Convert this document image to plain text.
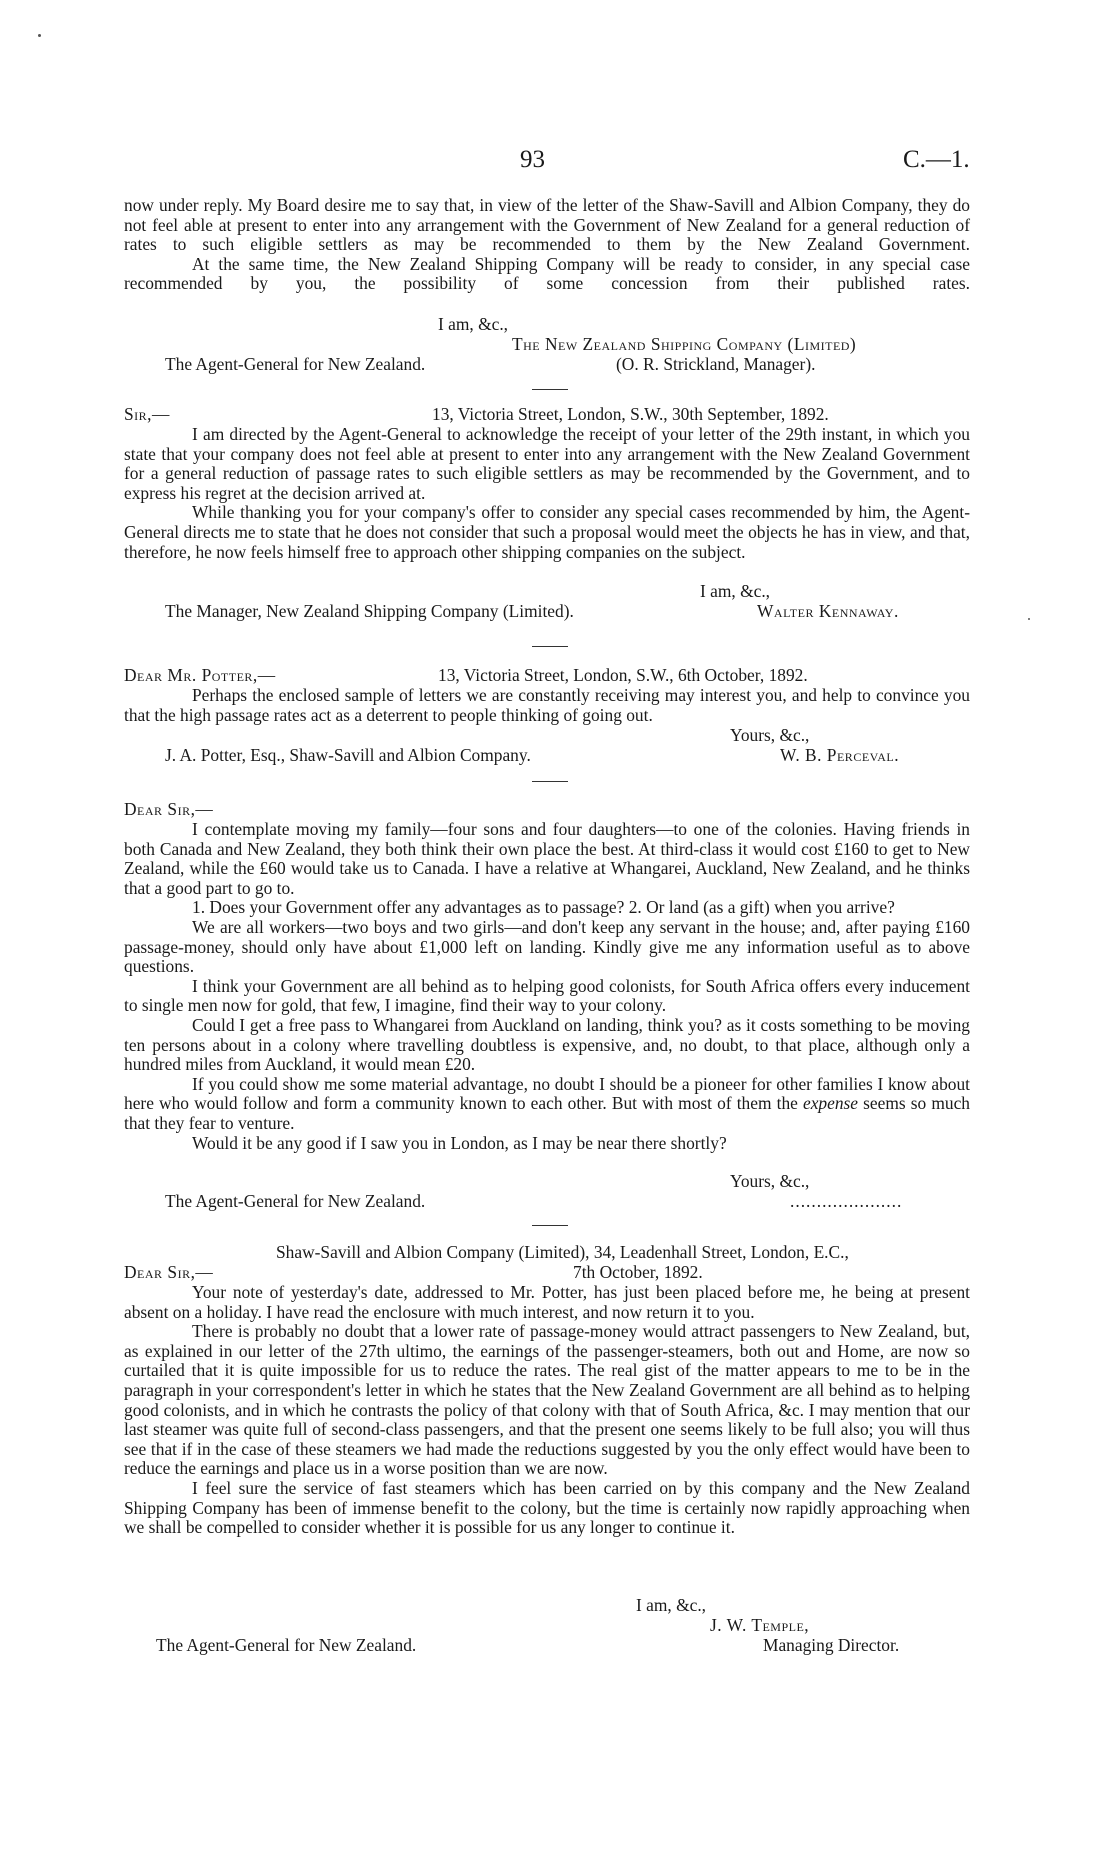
93	C.—1.

now under reply. My Board desire me to say that, in view of the letter of the Shaw-Savill and Albion Company, they do not feel able at present to enter into any arrangement with the Government of New Zealand for a general reduction of rates to such eligible settlers as may be recommended to them by the New Zealand Government.

At the same time, the New Zealand Shipping Company will be ready to consider, in any special case recommended by you, the possibility of some concession from their published rates.

I am, &c.,
The New Zealand Shipping Company (Limited)
The Agent-General for New Zealand.	(O. R. Strickland, Manager).
Sir,—	13, Victoria Street, London, S.W., 30th September, 1892.

I am directed by the Agent-General to acknowledge the receipt of your letter of the 29th instant, in which you state that your company does not feel able at present to enter into any arrangement with the New Zealand Government for a general reduction of passage rates to such eligible settlers as may be recommended by the Government, and to express his regret at the decision arrived at.

While thanking you for your company's offer to consider any special cases recommended by him, the Agent-General directs me to state that he does not consider that such a proposal would meet the objects he has in view, and that, therefore, he now feels himself free to approach other shipping companies on the subject.

I am, &c.,
The Manager, New Zealand Shipping Company (Limited).	Walter Kennaway.
Dear Mr. Potter,—	13, Victoria Street, London, S.W., 6th October, 1892.

Perhaps the enclosed sample of letters we are constantly receiving may interest you, and help to convince you that the high passage rates act as a deterrent to people thinking of going out.

Yours, &c.,
J. A. Potter, Esq., Shaw-Savill and Albion Company.	W. B. Perceval.
Dear Sir,—

I contemplate moving my family—four sons and four daughters—to one of the colonies. Having friends in both Canada and New Zealand, they both think their own place the best. At third-class it would cost £160 to get to New Zealand, while the £60 would take us to Canada. I have a relative at Whangarei, Auckland, New Zealand, and he thinks that a good part to go to.

1. Does your Government offer any advantages as to passage? 2. Or land (as a gift) when you arrive?

We are all workers—two boys and two girls—and don't keep any servant in the house; and, after paying £160 passage-money, should only have about £1,000 left on landing. Kindly give me any information useful as to above questions.

I think your Government are all behind as to helping good colonists, for South Africa offers every inducement to single men now for gold, that few, I imagine, find their way to your colony.

Could I get a free pass to Whangarei from Auckland on landing, think you? as it costs something to be moving ten persons about in a colony where travelling doubtless is expensive, and, no doubt, to that place, although only a hundred miles from Auckland, it would mean £20.

If you could show me some material advantage, no doubt I should be a pioneer for other families I know about here who would follow and form a community known to each other. But with most of them the expense seems so much that they fear to venture.

Would it be any good if I saw you in London, as I may be near there shortly?

Yours, &c.,
The Agent-General for New Zealand.	.....................
Shaw-Savill and Albion Company (Limited), 34, Leadenhall Street, London, E.C.,
Dear Sir,—	7th October, 1892.

Your note of yesterday's date, addressed to Mr. Potter, has just been placed before me, he being at present absent on a holiday. I have read the enclosure with much interest, and now return it to you.

There is probably no doubt that a lower rate of passage-money would attract passengers to New Zealand, but, as explained in our letter of the 27th ultimo, the earnings of the passenger-steamers, both out and Home, are now so curtailed that it is quite impossible for us to reduce the rates. The real gist of the matter appears to me to be in the paragraph in your correspondent's letter in which he states that the New Zealand Government are all behind as to helping good colonists, and in which he contrasts the policy of that colony with that of South Africa, &c. I may mention that our last steamer was quite full of second-class passengers, and that the present one seems likely to be full also; you will thus see that if in the case of these steamers we had made the reductions suggested by you the only effect would have been to reduce the earnings and place us in a worse position than we are now.

I feel sure the service of fast steamers which has been carried on by this company and the New Zealand Shipping Company has been of immense benefit to the colony, but the time is certainly now rapidly approaching when we shall be compelled to consider whether it is possible for us any longer to continue it.

I am, &c.,
J. W. Temple,
The Agent-General for New Zealand.	Managing Director.
